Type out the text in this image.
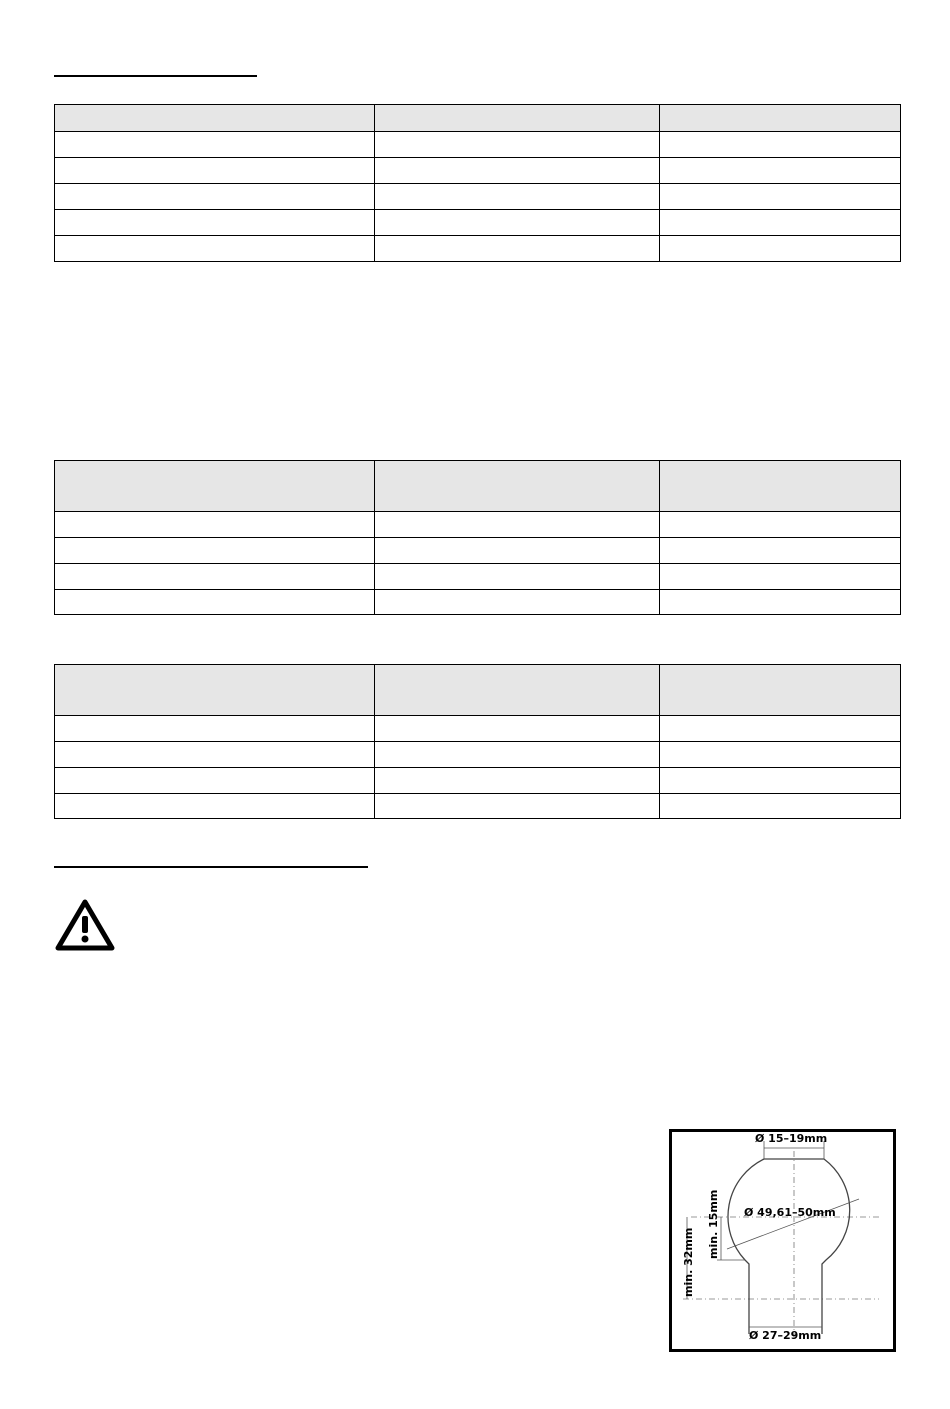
Ø 15–19mm
Ø 49,61–50mm
min. 15mm
min. 32mm
Ø 27–29mm
